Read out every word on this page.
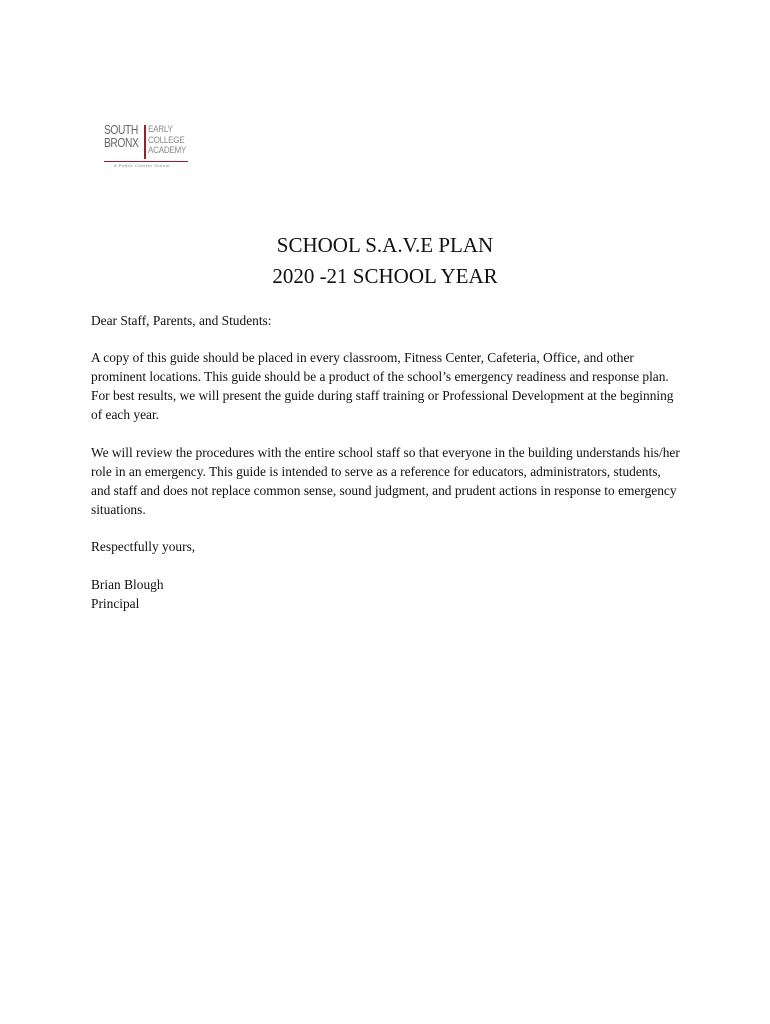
SOUTH
BRONX
EARLY
COLLEGE
ACADEMY
A Public Charter School
SCHOOL S.A.V.E PLAN
2020 -21 SCHOOL YEAR
Dear Staff, Parents, and Students:
A copy of this guide should be placed in every classroom, Fitness Center, Cafeteria, Office, and other prominent locations. This guide should be a product of the school’s emergency readiness and response plan. For best results, we will present the guide during staff training or Professional Development at the beginning of each year.
We will review the procedures with the entire school staff so that everyone in the building understands his/her role in an emergency. This guide is intended to serve as a reference for educators, administrators, students, and staff and does not replace common sense, sound judgment, and prudent actions in response to emergency situations.
Respectfully yours,
Brian Blough
Principal
